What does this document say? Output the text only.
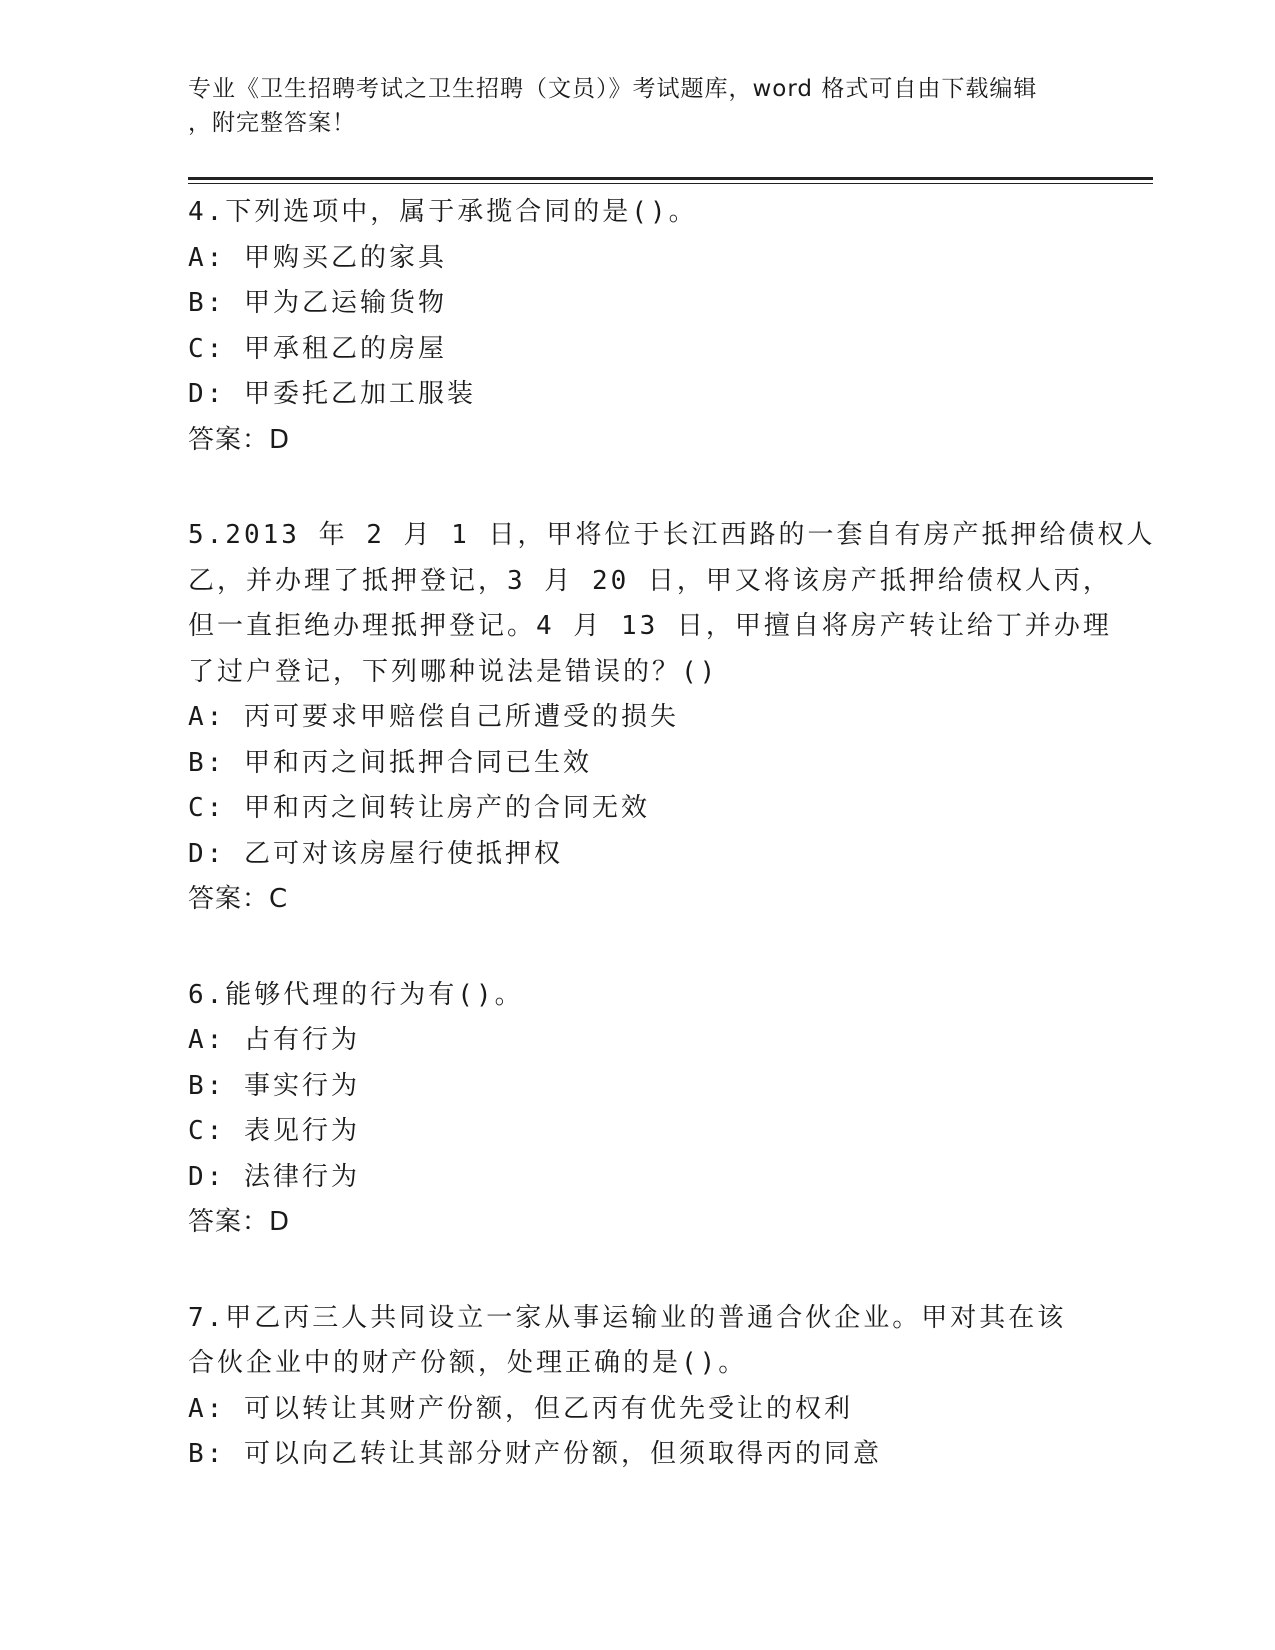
专业《卫生招聘考试之卫生招聘（文员）》考试题库，word 格式可自由下载编辑
，附完整答案！
4.下列选项中，属于承揽合同的是()。
A: 甲购买乙的家具
B: 甲为乙运输货物
C: 甲承租乙的房屋
D: 甲委托乙加工服装
答案：D
5.2013 年 2 月 1 日，甲将位于长江西路的一套自有房产抵押给债权人
乙，并办理了抵押登记，3 月 20 日，甲又将该房产抵押给债权人丙，
但一直拒绝办理抵押登记。4 月 13 日，甲擅自将房产转让给丁并办理
了过户登记，下列哪种说法是错误的？()
A: 丙可要求甲赔偿自己所遭受的损失
B: 甲和丙之间抵押合同已生效
C: 甲和丙之间转让房产的合同无效
D: 乙可对该房屋行使抵押权
答案：C
6.能够代理的行为有()。
A: 占有行为
B: 事实行为
C: 表见行为
D: 法律行为
答案：D
7.甲乙丙三人共同设立一家从事运输业的普通合伙企业。甲对其在该
合伙企业中的财产份额，处理正确的是()。
A: 可以转让其财产份额，但乙丙有优先受让的权利
B: 可以向乙转让其部分财产份额，但须取得丙的同意
